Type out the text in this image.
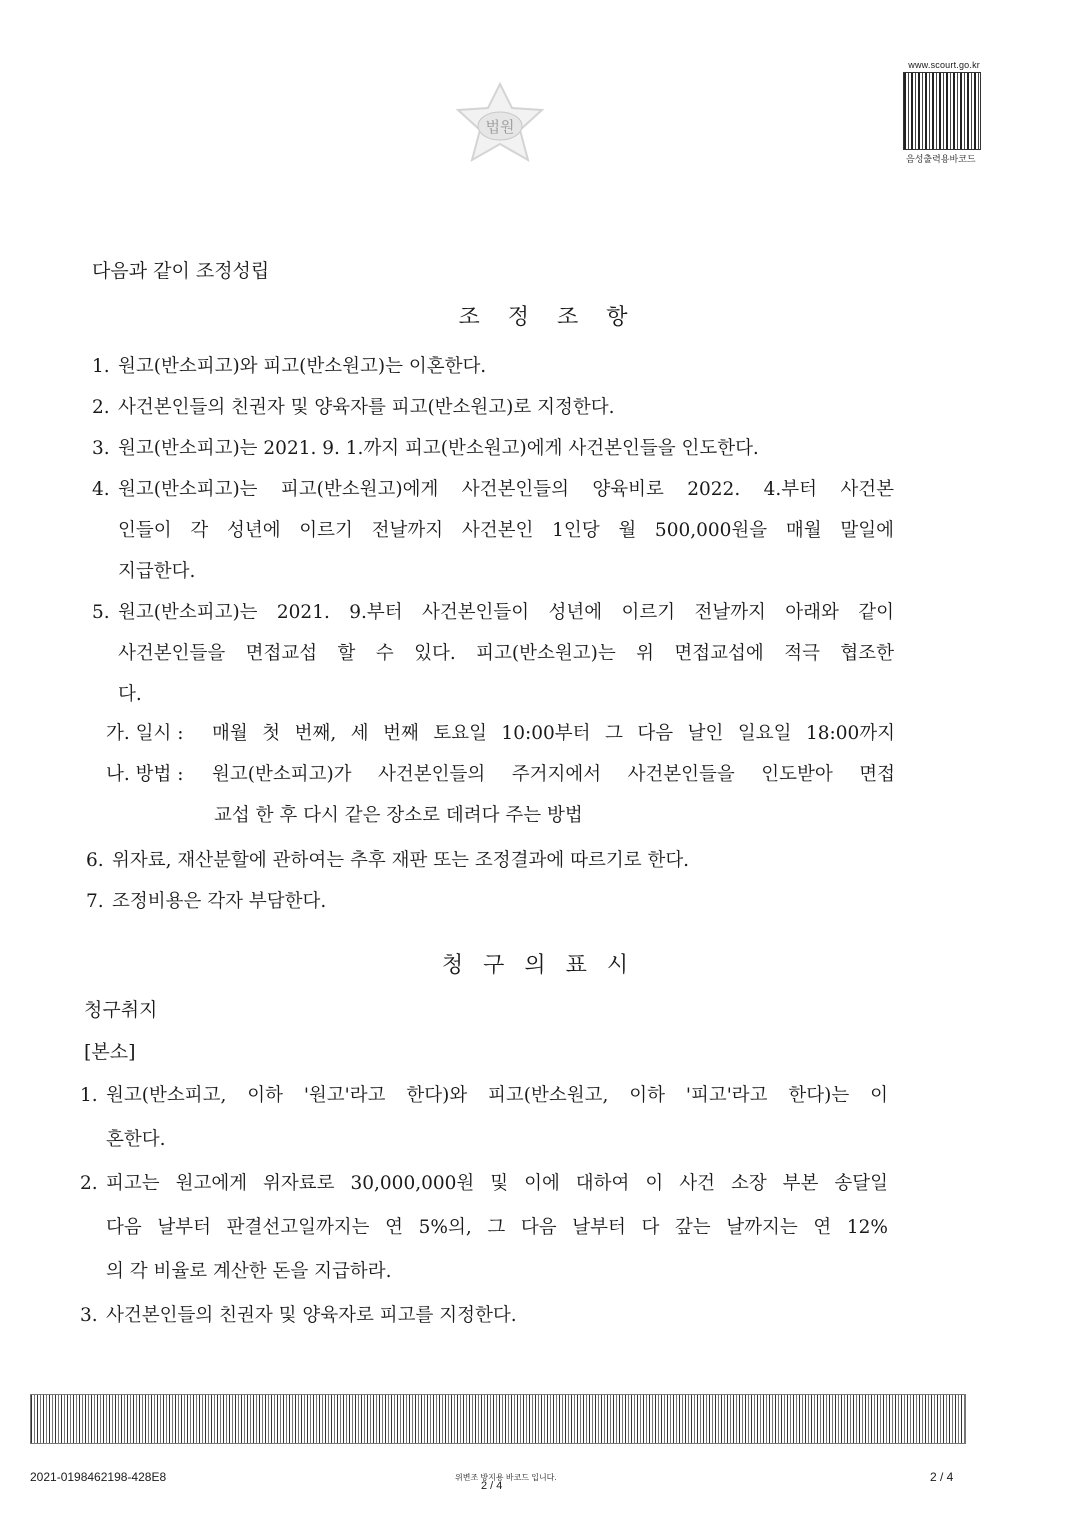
법원
www.scourt.go.kr
음성출력용바코드
다음과 같이 조정성립
조정조항
1. 원고(반소피고)와 피고(반소원고)는 이혼한다.
2. 사건본인들의 친권자 및 양육자를 피고(반소원고)로 지정한다.
3. 원고(반소피고)는 2021. 9. 1.까지 피고(반소원고)에게 사건본인들을 인도한다.
4. 원고(반소피고)는 피고(반소원고)에게 사건본인들의 양육비로 2022. 4.부터 사건본
인들이 각 성년에 이르기 전날까지 사건본인 1인당 월 500,000원을 매월 말일에
지급한다.
5. 원고(반소피고)는 2021. 9.부터 사건본인들이 성년에 이르기 전날까지 아래와 같이
사건본인들을 면접교섭 할 수 있다. 피고(반소원고)는 위 면접교섭에 적극 협조한
다.
가. 일시 : 매월 첫 번째, 세 번째 토요일 10:00부터 그 다음 날인 일요일 18:00까지
나. 방법 : 원고(반소피고)가 사건본인들의 주거지에서 사건본인들을 인도받아 면접
교섭 한 후 다시 같은 장소로 데려다 주는 방법
6. 위자료, 재산분할에 관하여는 추후 재판 또는 조정결과에 따르기로 한다.
7. 조정비용은 각자 부담한다.
청구의표시
청구취지
[본소]
1. 원고(반소피고, 이하 '원고'라고 한다)와 피고(반소원고, 이하 '피고'라고 한다)는 이
혼한다.
2. 피고는 원고에게 위자료로 30,000,000원 및 이에 대하여 이 사건 소장 부본 송달일
다음 날부터 판결선고일까지는 연 5%의, 그 다음 날부터 다 갚는 날까지는 연 12%
의 각 비율로 계산한 돈을 지급하라.
3. 사건본인들의 친권자 및 양육자로 피고를 지정한다.
2021-0198462198-428E8	위변조 방지용 바코드 입니다.
2 / 4
2 / 4
